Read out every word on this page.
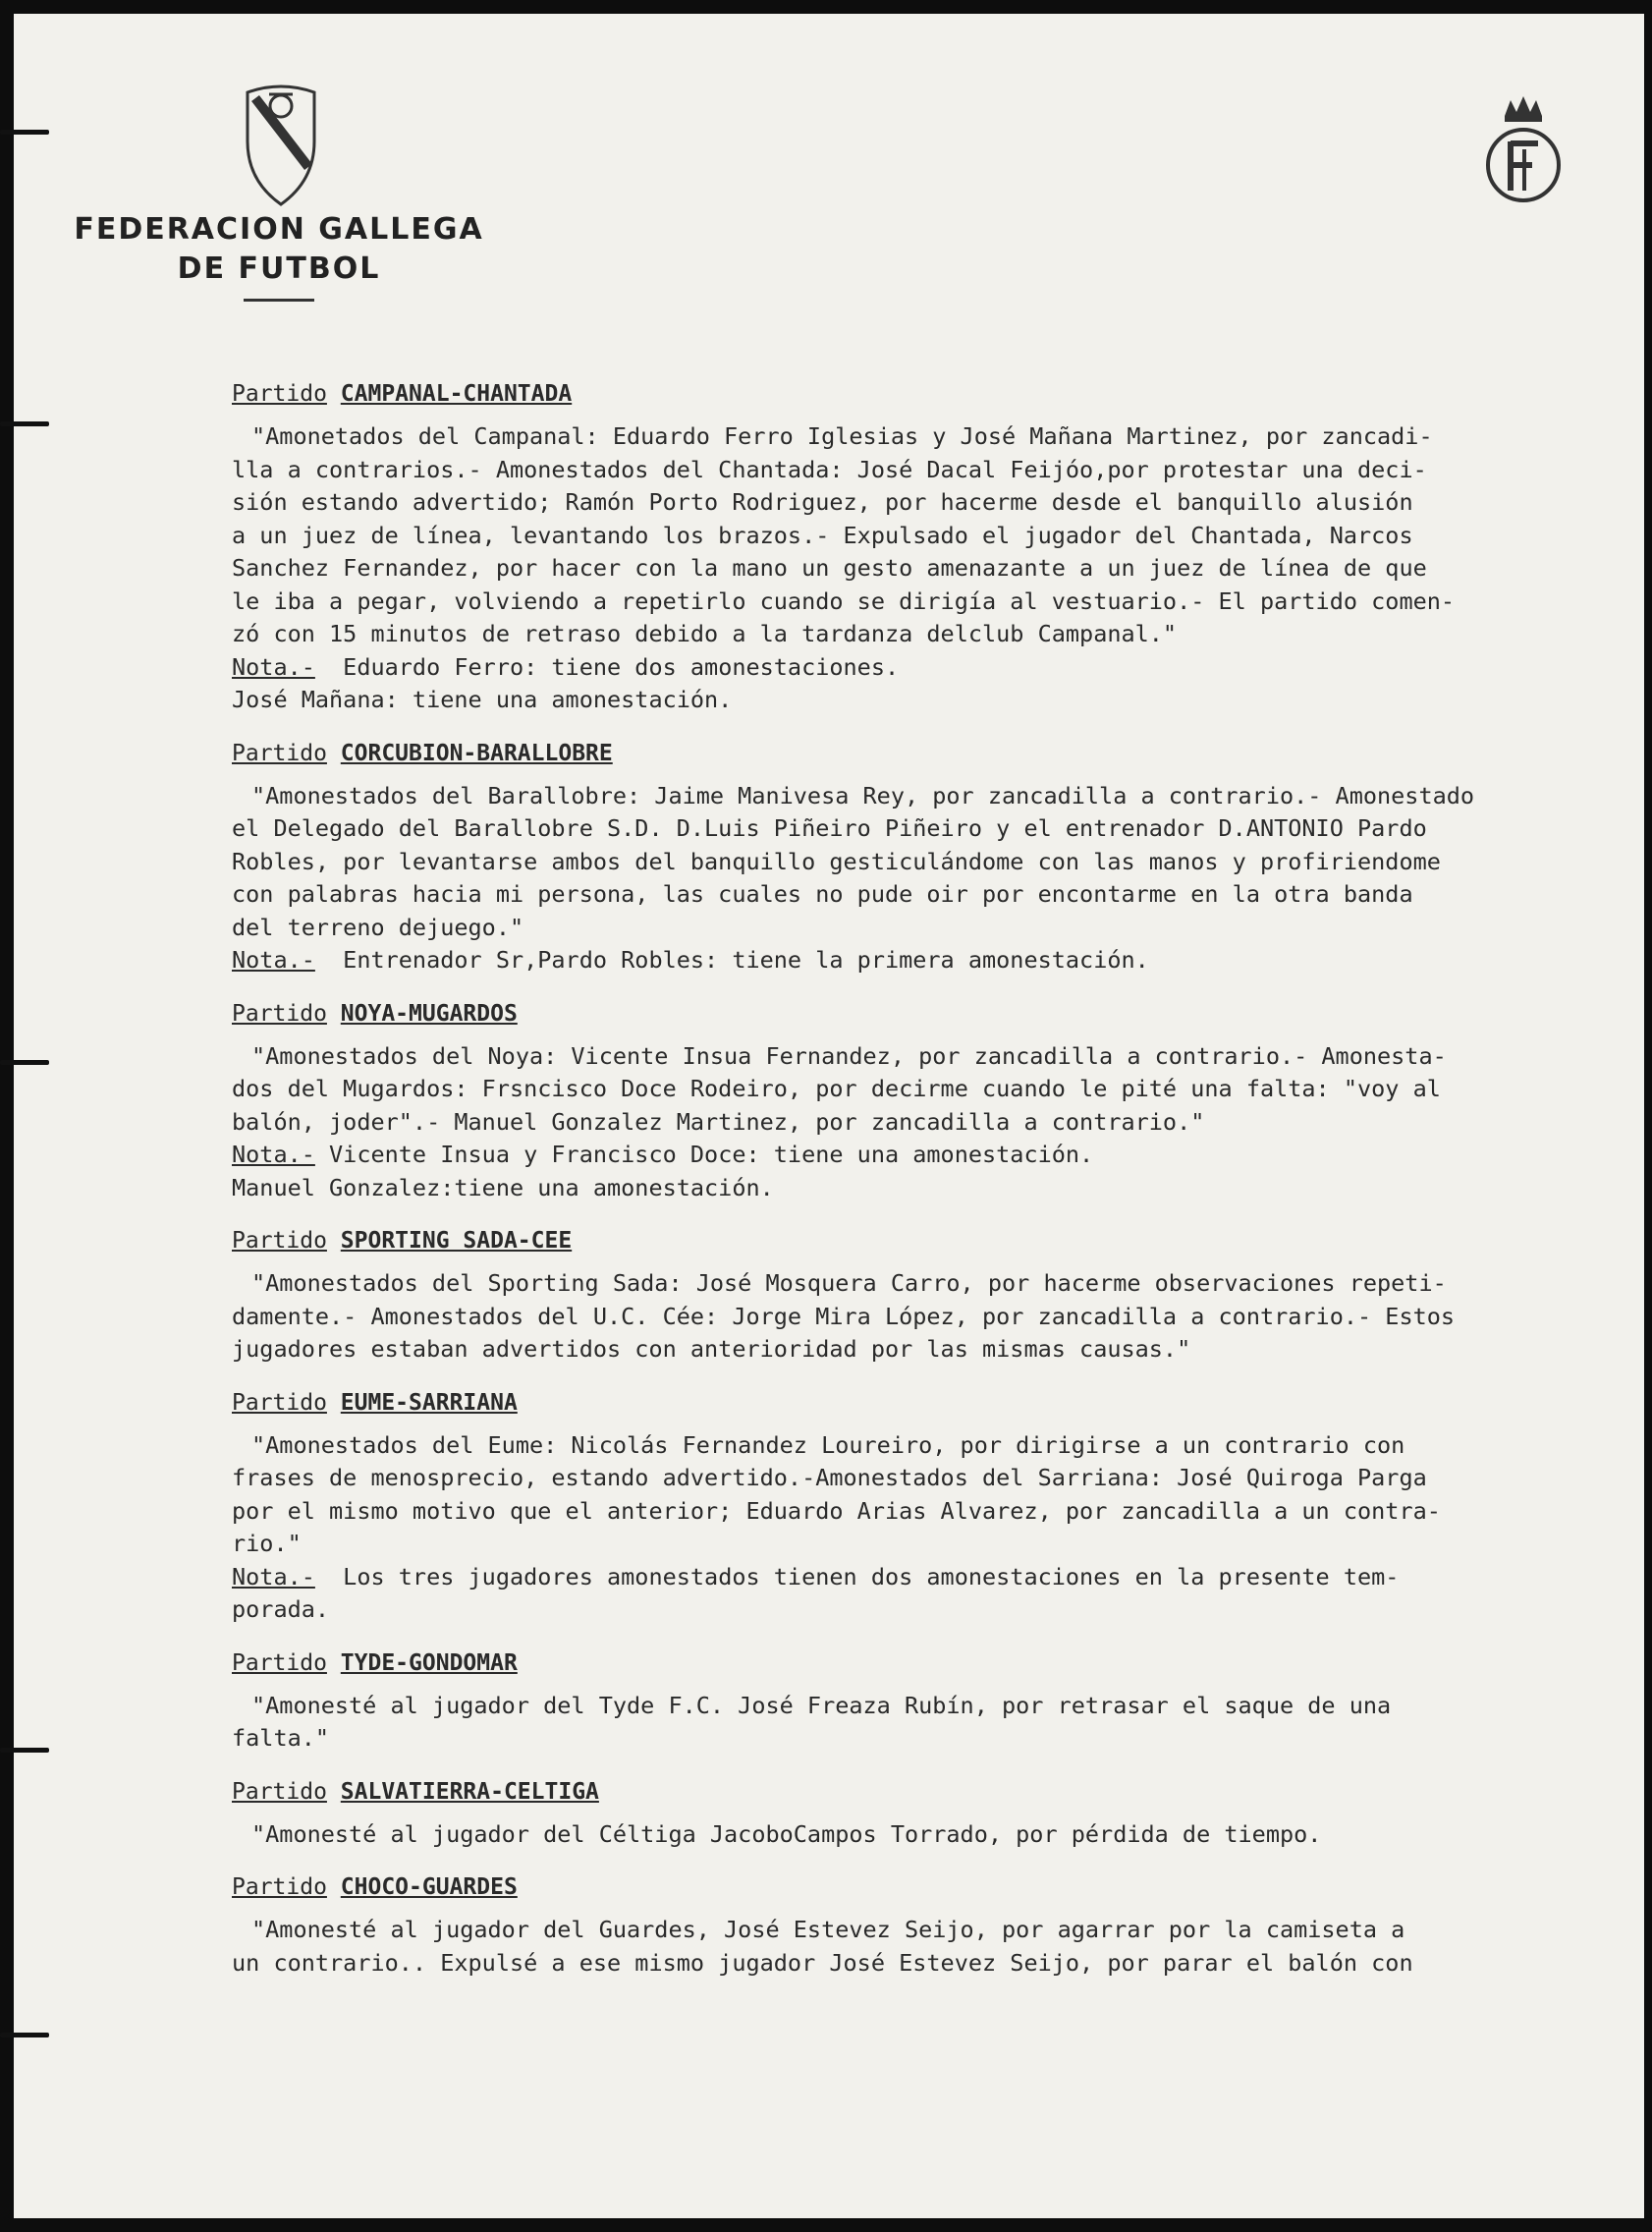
FEDERACION GALLEGA
DE FUTBOL
Partido CAMPANAL-CHANTADA
"Amonetados del Campanal: Eduardo Ferro Iglesias y José Mañana Martinez, por zancadi-
lla a contrarios.- Amonestados del Chantada: José Dacal Feijóo,por protestar una deci-
sión estando advertido; Ramón Porto Rodriguez, por hacerme desde el banquillo alusión
a un juez de línea, levantando los brazos.- Expulsado el jugador del Chantada, Narcos
Sanchez Fernandez, por hacer con la mano un gesto amenazante a un juez de línea de que
le iba a pegar, volviendo a repetirlo cuando se dirigía al vestuario.- El partido comen-
zó con 15 minutos de retraso debido a la tardanza delclub Campanal."
Nota.-  Eduardo Ferro: tiene dos amonestaciones.
José Mañana: tiene una amonestación.
Partido CORCUBION-BARALLOBRE
"Amonestados del Barallobre: Jaime Manivesa Rey, por zancadilla a contrario.- Amonestado
el Delegado del Barallobre S.D. D.Luis Piñeiro Piñeiro y el entrenador D.ANTONIO Pardo
Robles, por levantarse ambos del banquillo gesticulándome con las manos y profiriendome
con palabras hacia mi persona, las cuales no pude oir por encontarme en la otra banda
del terreno dejuego."
Nota.-  Entrenador Sr,Pardo Robles: tiene la primera amonestación.
Partido NOYA-MUGARDOS
"Amonestados del Noya: Vicente Insua Fernandez, por zancadilla a contrario.- Amonesta-
dos del Mugardos: Frsncisco Doce Rodeiro, por decirme cuando le pité una falta: "voy al
balón, joder".- Manuel Gonzalez Martinez, por zancadilla a contrario."
Nota.- Vicente Insua y Francisco Doce: tiene una amonestación.
Manuel Gonzalez:tiene una amonestación.
Partido SPORTING SADA-CEE
"Amonestados del Sporting Sada: José Mosquera Carro, por hacerme observaciones repeti-
damente.- Amonestados del U.C. Cée: Jorge Mira López, por zancadilla a contrario.- Estos
jugadores estaban advertidos con anterioridad por las mismas causas."
Partido EUME-SARRIANA
"Amonestados del Eume: Nicolás Fernandez Loureiro, por dirigirse a un contrario con
frases de menosprecio, estando advertido.-Amonestados del Sarriana: José Quiroga Parga
por el mismo motivo que el anterior; Eduardo Arias Alvarez, por zancadilla a un contra-
rio."
Nota.-  Los tres jugadores amonestados tienen dos amonestaciones en la presente tem-
porada.
Partido TYDE-GONDOMAR
"Amonesté al jugador del Tyde F.C. José Freaza Rubín, por retrasar el saque de una
falta."
Partido SALVATIERRA-CELTIGA
"Amonesté al jugador del Céltiga JacoboCampos Torrado, por pérdida de tiempo.
Partido CHOCO-GUARDES
"Amonesté al jugador del Guardes, José Estevez Seijo, por agarrar por la camiseta a
un contrario.. Expulsé a ese mismo jugador José Estevez Seijo, por parar el balón con
